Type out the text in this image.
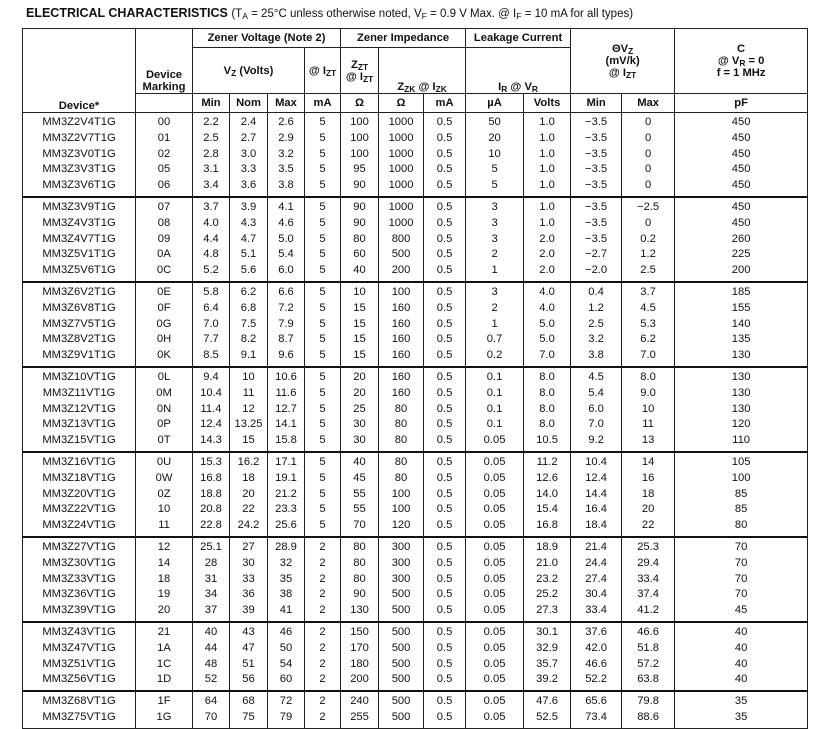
ELECTRICAL CHARACTERISTICS ($T_A = 25^\circ C$ unless otherwise noted, $V_F = 0.9$ V Max. @ $I_F = 10$ mA for all types)
Device*	Device
Marking	Zener Voltage (Note 2)				Zener Impedance			Leakage Current		$\Theta V_Z$
(mV/k)
@ $I_{ZT}$		C
@ $V_R = 0$
f = 1 MHz
		$V_Z$ (Volts)			@ $I_{ZT}$	$Z_{ZT}$
@ $I_{ZT}$	$Z_{ZK}$ @ $I_{ZK}$		$I_R$ @ $V_R$
		Min	Nom	Max	mA	Ω	Ω	mA	µA	Volts	Min	Max	pF
MM3Z2V4T1G	00	2.2	2.4	2.6	5	100	1000	0.5	50	1.0	−3.5	0	450
MM3Z2V7T1G	01	2.5	2.7	2.9	5	100	1000	0.5	20	1.0	−3.5	0	450
MM3Z3V0T1G	02	2.8	3.0	3.2	5	100	1000	0.5	10	1.0	−3.5	0	450
MM3Z3V3T1G	05	3.1	3.3	3.5	5	95	1000	0.5	5	1.0	−3.5	0	450
MM3Z3V6T1G	06	3.4	3.6	3.8	5	90	1000	0.5	5	1.0	−3.5	0	450
MM3Z3V9T1G	07	3.7	3.9	4.1	5	90	1000	0.5	3	1.0	−3.5	−2.5	450
MM3Z4V3T1G	08	4.0	4.3	4.6	5	90	1000	0.5	3	1.0	−3.5	0	450
MM3Z4V7T1G	09	4.4	4.7	5.0	5	80	800	0.5	3	2.0	−3.5	0.2	260
MM3Z5V1T1G	0A	4.8	5.1	5.4	5	60	500	0.5	2	2.0	−2.7	1.2	225
MM3Z5V6T1G	0C	5.2	5.6	6.0	5	40	200	0.5	1	2.0	−2.0	2.5	200
MM3Z6V2T1G	0E	5.8	6.2	6.6	5	10	100	0.5	3	4.0	0.4	3.7	185
MM3Z6V8T1G	0F	6.4	6.8	7.2	5	15	160	0.5	2	4.0	1.2	4.5	155
MM3Z7V5T1G	0G	7.0	7.5	7.9	5	15	160	0.5	1	5.0	2.5	5.3	140
MM3Z8V2T1G	0H	7.7	8.2	8.7	5	15	160	0.5	0.7	5.0	3.2	6.2	135
MM3Z9V1T1G	0K	8.5	9.1	9.6	5	15	160	0.5	0.2	7.0	3.8	7.0	130
MM3Z10VT1G	0L	9.4	10	10.6	5	20	160	0.5	0.1	8.0	4.5	8.0	130
MM3Z11VT1G	0M	10.4	11	11.6	5	20	160	0.5	0.1	8.0	5.4	9.0	130
MM3Z12VT1G	0N	11.4	12	12.7	5	25	80	0.5	0.1	8.0	6.0	10	130
MM3Z13VT1G	0P	12.4	13.25	14.1	5	30	80	0.5	0.1	8.0	7.0	11	120
MM3Z15VT1G	0T	14.3	15	15.8	5	30	80	0.5	0.05	10.5	9.2	13	110
MM3Z16VT1G	0U	15.3	16.2	17.1	5	40	80	0.5	0.05	11.2	10.4	14	105
MM3Z18VT1G	0W	16.8	18	19.1	5	45	80	0.5	0.05	12.6	12.4	16	100
MM3Z20VT1G	0Z	18.8	20	21.2	5	55	100	0.5	0.05	14.0	14.4	18	85
MM3Z22VT1G	10	20.8	22	23.3	5	55	100	0.5	0.05	15.4	16.4	20	85
MM3Z24VT1G	11	22.8	24.2	25.6	5	70	120	0.5	0.05	16.8	18.4	22	80
MM3Z27VT1G	12	25.1	27	28.9	2	80	300	0.5	0.05	18.9	21.4	25.3	70
MM3Z30VT1G	14	28	30	32	2	80	300	0.5	0.05	21.0	24.4	29.4	70
MM3Z33VT1G	18	31	33	35	2	80	300	0.5	0.05	23.2	27.4	33.4	70
MM3Z36VT1G	19	34	36	38	2	90	500	0.5	0.05	25.2	30.4	37.4	70
MM3Z39VT1G	20	37	39	41	2	130	500	0.5	0.05	27.3	33.4	41.2	45
MM3Z43VT1G	21	40	43	46	2	150	500	0.5	0.05	30.1	37.6	46.6	40
MM3Z47VT1G	1A	44	47	50	2	170	500	0.5	0.05	32.9	42.0	51.8	40
MM3Z51VT1G	1C	48	51	54	2	180	500	0.5	0.05	35.7	46.6	57.2	40
MM3Z56VT1G	1D	52	56	60	2	200	500	0.5	0.05	39.2	52.2	63.8	40
MM3Z68VT1G	1F	64	68	72	2	240	500	0.5	0.05	47.6	65.6	79.8	35
MM3Z75VT1G	1G	70	75	79	2	255	500	0.5	0.05	52.5	73.4	88.6	35
